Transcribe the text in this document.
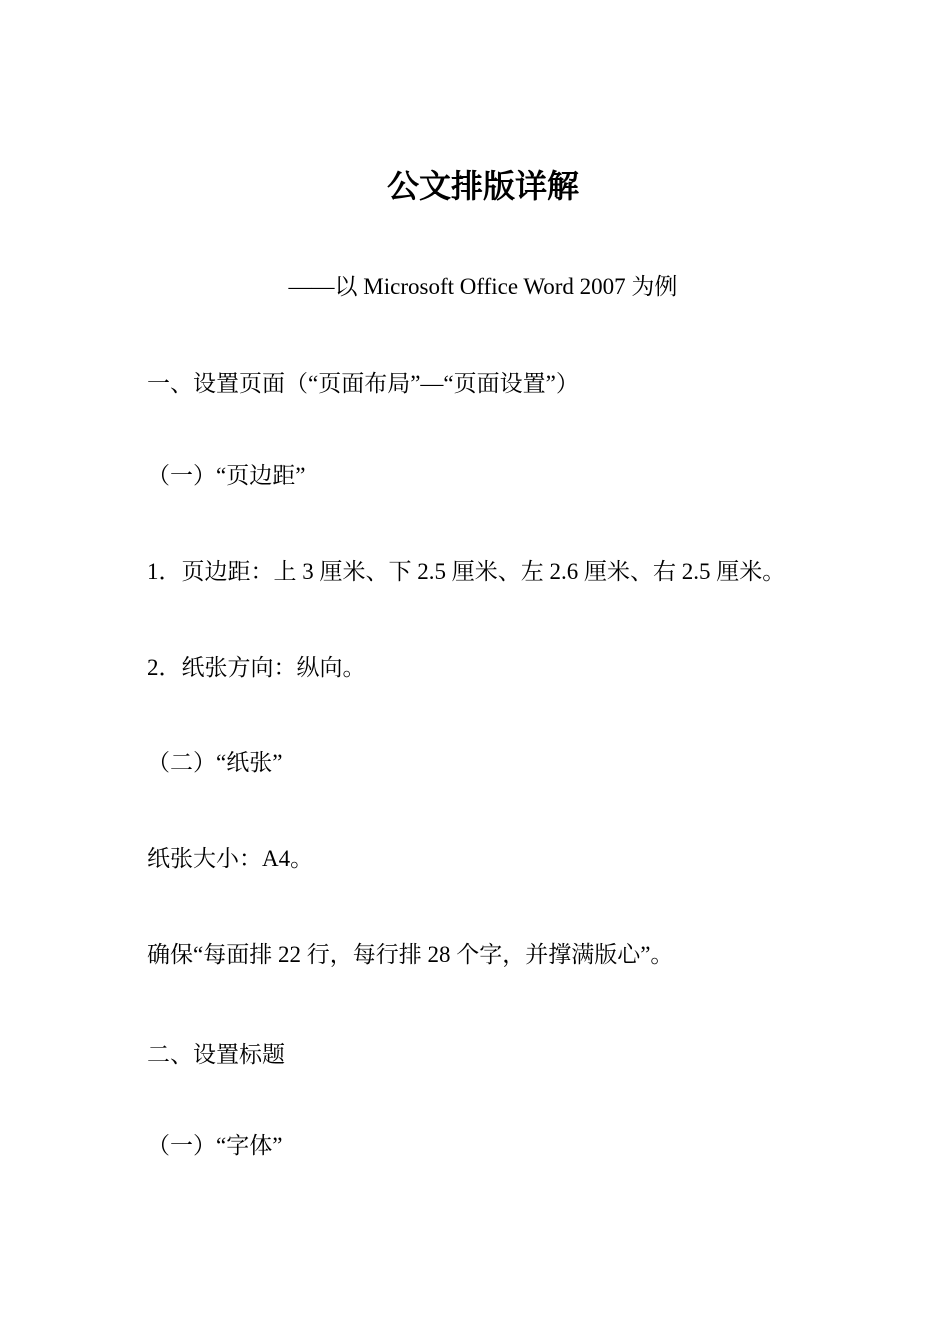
公文排版详解
——以 Microsoft Office Word 2007 为例
一、设置页面（“页面布局”—“页面设置”）
（一）“页边距”
1．页边距：上 3 厘米、下 2.5 厘米、左 2.6 厘米、右 2.5 厘米。
2．纸张方向：纵向。
（二）“纸张”
纸张大小：A4。
确保“每面排 22 行，每行排 28 个字，并撑满版心”。
二、设置标题
（一）“字体”
